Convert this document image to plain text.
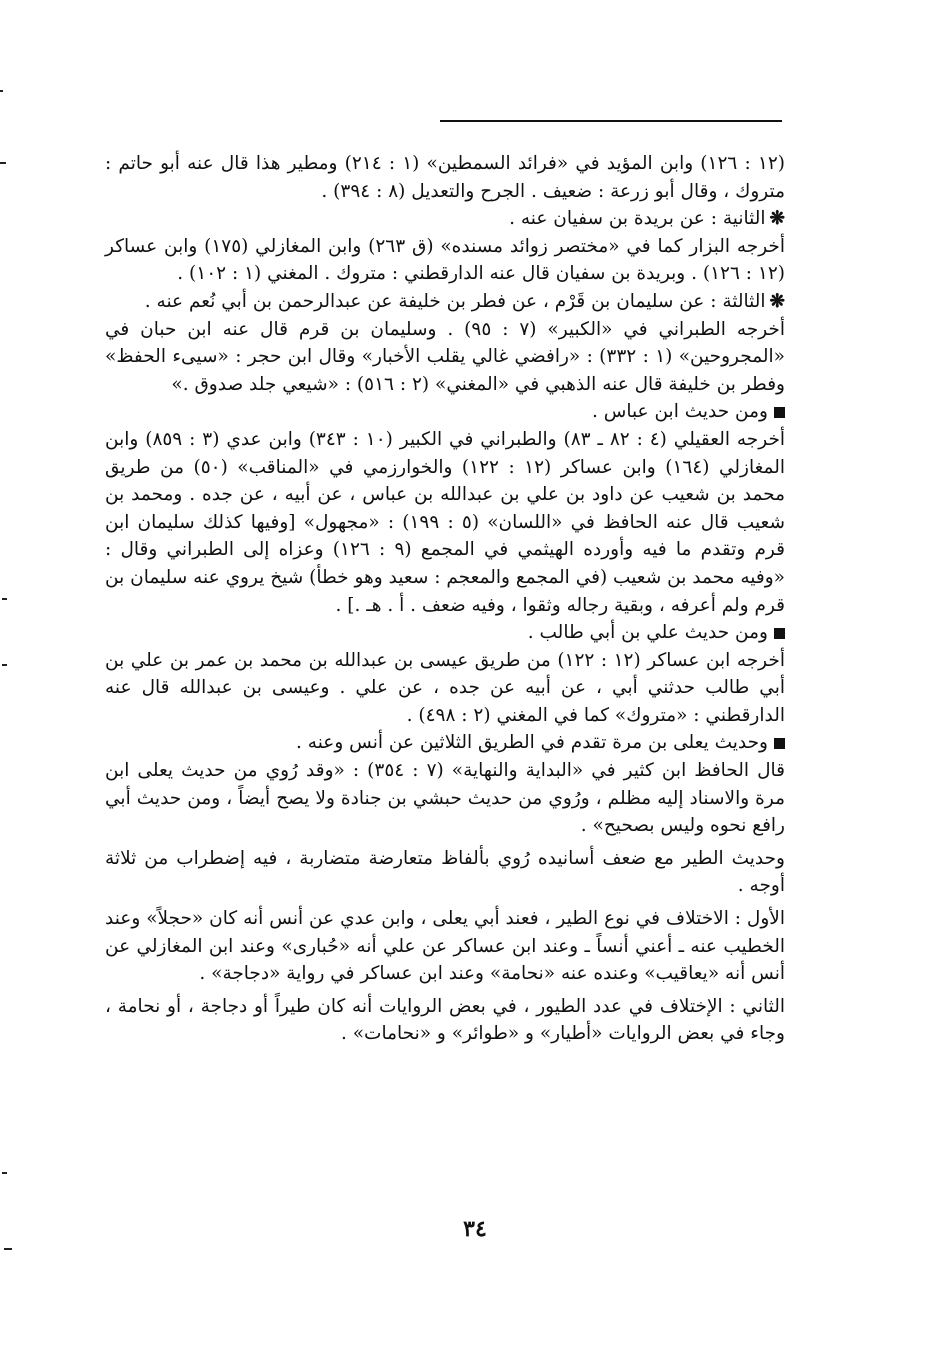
(١٢ : ١٢٦) وابن المؤيد في «فرائد السمطين» (١ : ٢١٤) ومطير هذا قال عنه أبو حاتم : متروك ، وقال أبو زرعة : ضعيف . الجرح والتعديل (٨ : ٣٩٤) .

❋الثانية : عن بريدة بن سفيان عنه .

أخرجه البزار كما في «مختصر زوائد مسنده» (ق ٢٦٣) وابن المغازلي (١٧٥) وابن عساكر (١٢ : ١٢٦) . وبريدة بن سفيان قال عنه الدارقطني : متروك . المغني (١ : ١٠٢) .

❋الثالثة : عن سليمان بن قَرْم ، عن فطر بن خليفة عن عبدالرحمن بن أبي نُعم عنه .

أخرجه الطبراني في «الكبير» (٧ : ٩٥) . وسليمان بن قرم قال عنه ابن حبان في «المجروحين» (١ : ٣٣٢) : «رافضي غالي يقلب الأخبار» وقال ابن حجر : «سيىء الحفظ» وفطر بن خليفة قال عنه الذهبي في «المغني» (٢ : ٥١٦) : «شيعي جلد صدوق .»

ومن حديث ابن عباس .

أخرجه العقيلي (٤ : ٨٢ ـ ٨٣) والطبراني في الكبير (١٠ : ٣٤٣) وابن عدي (٣ : ٨٥٩) وابن المغازلي (١٦٤) وابن عساكر (١٢ : ١٢٢) والخوارزمي في «المناقب» (٥٠) من طريق محمد بن شعيب عن داود بن علي بن عبدالله بن عباس ، عن أبيه ، عن جده . ومحمد بن شعيب قال عنه الحافظ في «اللسان» (٥ : ١٩٩) : «مجهول» [وفيها كذلك سليمان ابن قرم وتقدم ما فيه وأورده الهيثمي في المجمع (٩ : ١٢٦) وعزاه إلى الطبراني وقال : «وفيه محمد بن شعيب (في المجمع والمعجم : سعيد وهو خطأ) شيخ يروي عنه سليمان بن قرم ولم أعرفه ، وبقية رجاله وثقوا ، وفيه ضعف . أ . هـ .] .

ومن حديث علي بن أبي طالب .

أخرجه ابن عساكر (١٢ : ١٢٢) من طريق عيسى بن عبدالله بن محمد بن عمر بن علي بن أبي طالب حدثني أبي ، عن أبيه عن جده ، عن علي . وعيسى بن عبدالله قال عنه الدارقطني : «متروك» كما في المغني (٢ : ٤٩٨) .

وحديث يعلى بن مرة تقدم في الطريق الثلاثين عن أنس وعنه .

قال الحافظ ابن كثير في «البداية والنهاية» (٧ : ٣٥٤) : «وقد رُوي من حديث يعلى ابن مرة والاسناد إليه مظلم ، ورُوي من حديث حبشي بن جنادة ولا يصح أيضاً ، ومن حديث أبي رافع نحوه وليس بصحيح» .

وحديث الطير مع ضعف أسانيده رُوي بألفاظ متعارضة متضاربة ، فيه إضطراب من ثلاثة أوجه .

الأول : الاختلاف في نوع الطير ، فعند أبي يعلى ، وابن عدي عن أنس أنه كان «حجلاً» وعند الخطيب عنه ـ أعني أنساً ـ وعند ابن عساكر عن علي أنه «حُبارى» وعند ابن المغازلي عن أنس أنه «يعاقيب» وعنده عنه «نحامة» وعند ابن عساكر في رواية «دجاجة» .

الثاني : الإختلاف في عدد الطيور ، في بعض الروايات أنه كان طيراً أو دجاجة ، أو نحامة ، وجاء في بعض الروايات «أطيار» و «طوائر» و «نحامات» .

٣٤
